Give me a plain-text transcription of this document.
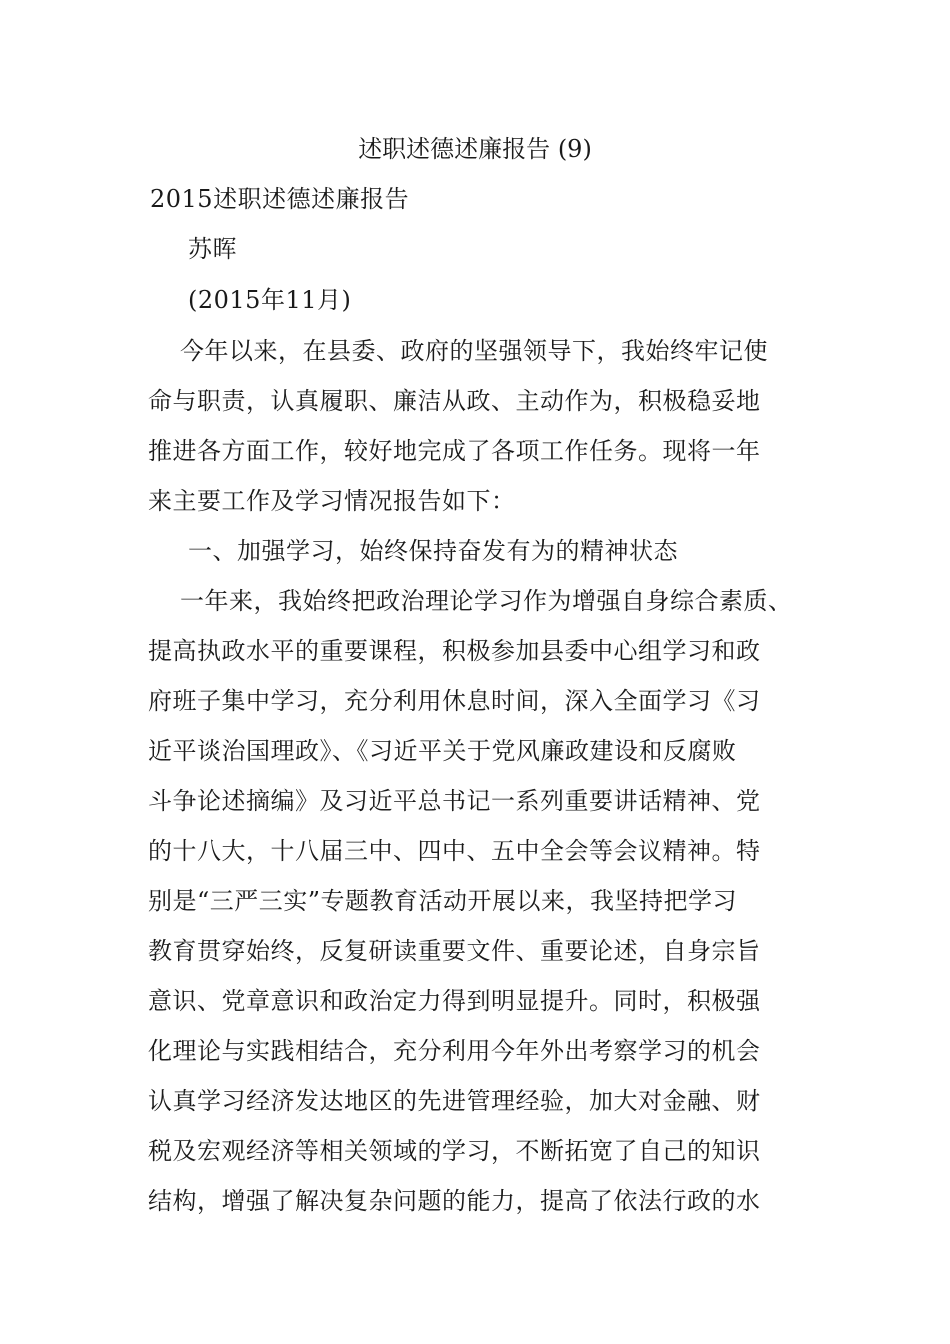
述职述德述廉报告 (9)
2015述职述德述廉报告
苏晖
(2015年11月)
今年以来，在县委、政府的坚强领导下，我始终牢记使
命与职责，认真履职、廉洁从政、主动作为，积极稳妥地
推进各方面工作，较好地完成了各项工作任务。现将一年
来主要工作及学习情况报告如下：
一、加强学习，始终保持奋发有为的精神状态
一年来，我始终把政治理论学习作为增强自身综合素质、
提高执政水平的重要课程，积极参加县委中心组学习和政
府班子集中学习，充分利用休息时间，深入全面学习《习
近平谈治国理政》、《习近平关于党风廉政建设和反腐败
斗争论述摘编》及习近平总书记一系列重要讲话精神、党
的十八大，十八届三中、四中、五中全会等会议精神。特
别是“三严三实”专题教育活动开展以来，我坚持把学习
教育贯穿始终，反复研读重要文件、重要论述，自身宗旨
意识、党章意识和政治定力得到明显提升。同时，积极强
化理论与实践相结合，充分利用今年外出考察学习的机会
认真学习经济发达地区的先进管理经验，加大对金融、财
税及宏观经济等相关领域的学习，不断拓宽了自己的知识
结构，增强了解决复杂问题的能力，提高了依法行政的水
